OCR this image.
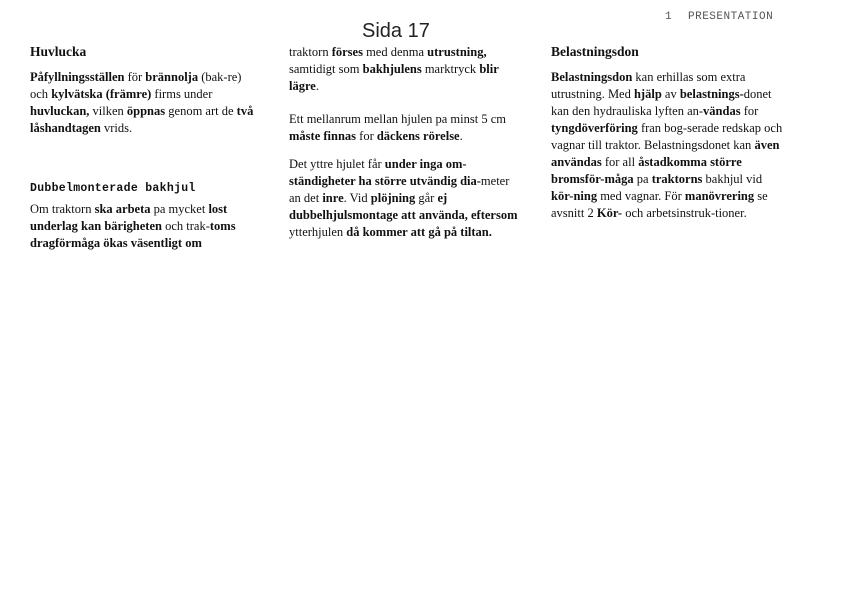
1 PRESENTATION
Sida 17
Huvlucka

Påfyllningsställen för brännolja (bak-re) och kylvätska (främre) firms under huvluckan, vilken öppnas genom art de två låshandtagen vrids.

Dubbelmonterade bakhjul

Om traktorn ska arbeta pa mycket lost underlag kan bärigheten och trak-toms dragförmåga ökas väsentligt om

traktorn förses med denma utrustning, samtidigt som bakhjulens marktryck blir lägre.

Ett mellanrum mellan hjulen pa minst 5 cm måste finnas for däckens rörelse.

Det yttre hjulet får under inga om-ständigheter ha större utvändig dia-meter an det inre. Vid plöjning går ej dubbelhjulsmontage att använda, eftersom ytterhjulen då kommer att gå på tiltan.

Belastningsdon

Belastningsdon kan erhillas som extra utrustning. Med hjälp av belastnings-donet kan den hydrauliska lyften an-vändas for tyngdöverföring fran bog-serade redskap och vagnar till traktor. Belastningsdonet kan även användas for all åstadkomma större bromsför-måga pa traktorns bakhjul vid kör-ning med vagnar. För manövrering se avsnitt 2 Kör- och arbetsinstruk-tioner.
